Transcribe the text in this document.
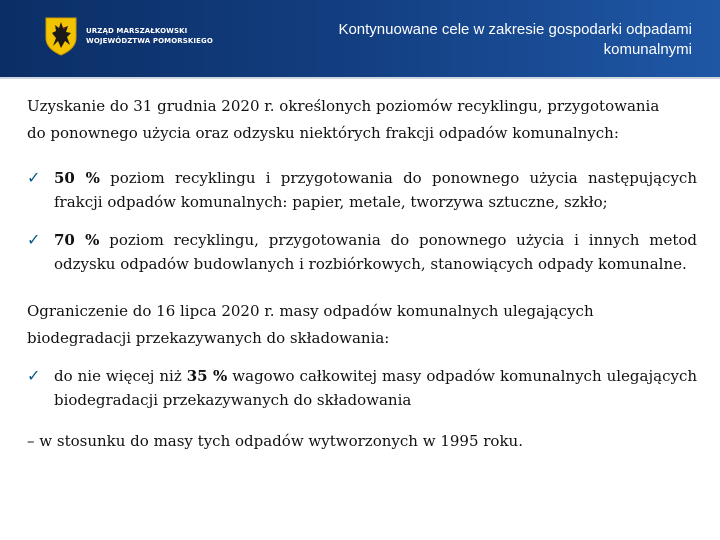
URZĄD MARSZAŁKOWSKI
WOJEWÓDZTWA POMORSKIEGO
Kontynuowane cele w zakresie gospodarki odpadami
komunalnymi

Uzyskanie do 31 grudnia 2020 r. określonych poziomów recyklingu, przygotowania

do ponownego użycia oraz odzysku niektórych frakcji odpadów komunalnych:

✓ 50 % poziom recyklingu i przygotowania do ponownego użycia następujących frakcji odpadów komunalnych: papier, metale, tworzywa sztuczne, szkło;
✓ 70 % poziom recyklingu, przygotowania do ponownego użycia i innych metod odzysku odpadów budowlanych i rozbiórkowych, stanowiących odpady komunalne.

Ograniczenie do 16 lipca 2020 r. masy odpadów komunalnych ulegających

biodegradacji przekazywanych do składowania:

✓ do nie więcej niż 35 % wagowo całkowitej masy odpadów komunalnych ulegających biodegradacji przekazywanych do składowania

– w stosunku do masy tych odpadów wytworzonych w 1995 roku.
